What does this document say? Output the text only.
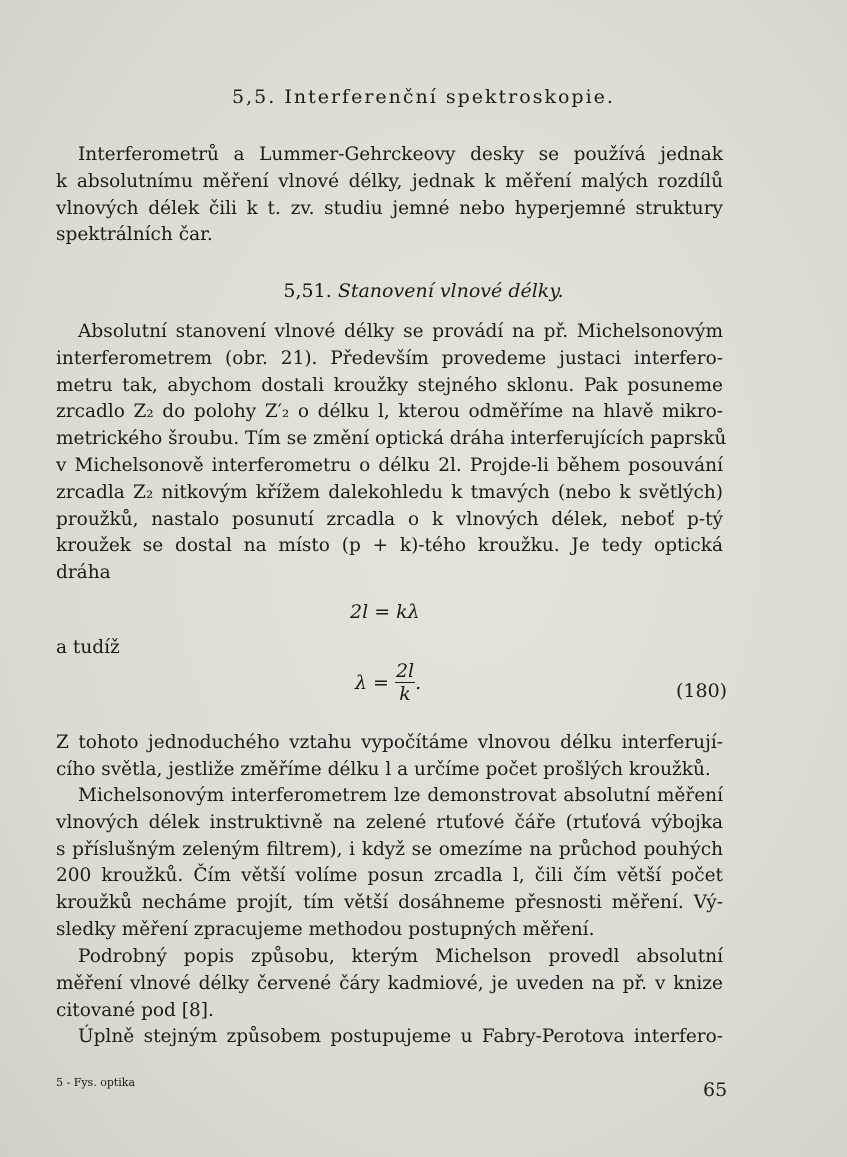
5,5. Interferenční spektroskopie.
Interferometrů a Lummer-Gehrckeovy desky se používá jednak
k absolutnímu měření vlnové délky, jednak k měření malých rozdílů
vlnových délek čili k t. zv. studiu jemné nebo hyperjemné struktury
spektrálních čar.
5,51. Stanovení vlnové délky.
Absolutní stanovení vlnové délky se provádí na př. Michelsonovým
interferometrem (obr. 21). Především provedeme justaci interfero-
metru tak, abychom dostali kroužky stejného sklonu. Pak posuneme
zrcadlo Z₂ do polohy Z′₂ o délku l, kterou odměříme na hlavě mikro-
metrického šroubu. Tím se změní optická dráha interferujících paprsků
v Michelsonově interferometru o délku 2l. Projde-li během posouvání
zrcadla Z₂ nitkovým křížem dalekohledu k tmavých (nebo k světlých)
proužků, nastalo posunutí zrcadla o k vlnových délek, neboť p-tý
kroužek se dostal na místo (p + k)-tého kroužku. Je tedy optická
dráha
2l = kλ
a tudíž
$\lambda = \frac{2l}{k}$ .	(180)
Z tohoto jednoduchého vztahu vypočítáme vlnovou délku interferují-
cího světla, jestliže změříme délku l a určíme počet prošlých kroužků.
Michelsonovým interferometrem lze demonstrovat absolutní měření
vlnových délek instruktivně na zelené rtuťové čáře (rtuťová výbojka
s příslušným zeleným filtrem), i když se omezíme na průchod pouhých
200 kroužků. Čím větší volíme posun zrcadla l, čili čím větší počet
kroužků necháme projít, tím větší dosáhneme přesnosti měření. Vý-
sledky měření zpracujeme methodou postupných měření.
Podrobný popis způsobu, kterým Michelson provedl absolutní
měření vlnové délky červené čáry kadmiové, je uveden na př. v knize
citované pod [8].
Úplně stejným způsobem postupujeme u Fabry-Perotova interfero-
5 - Fys. optika	65
